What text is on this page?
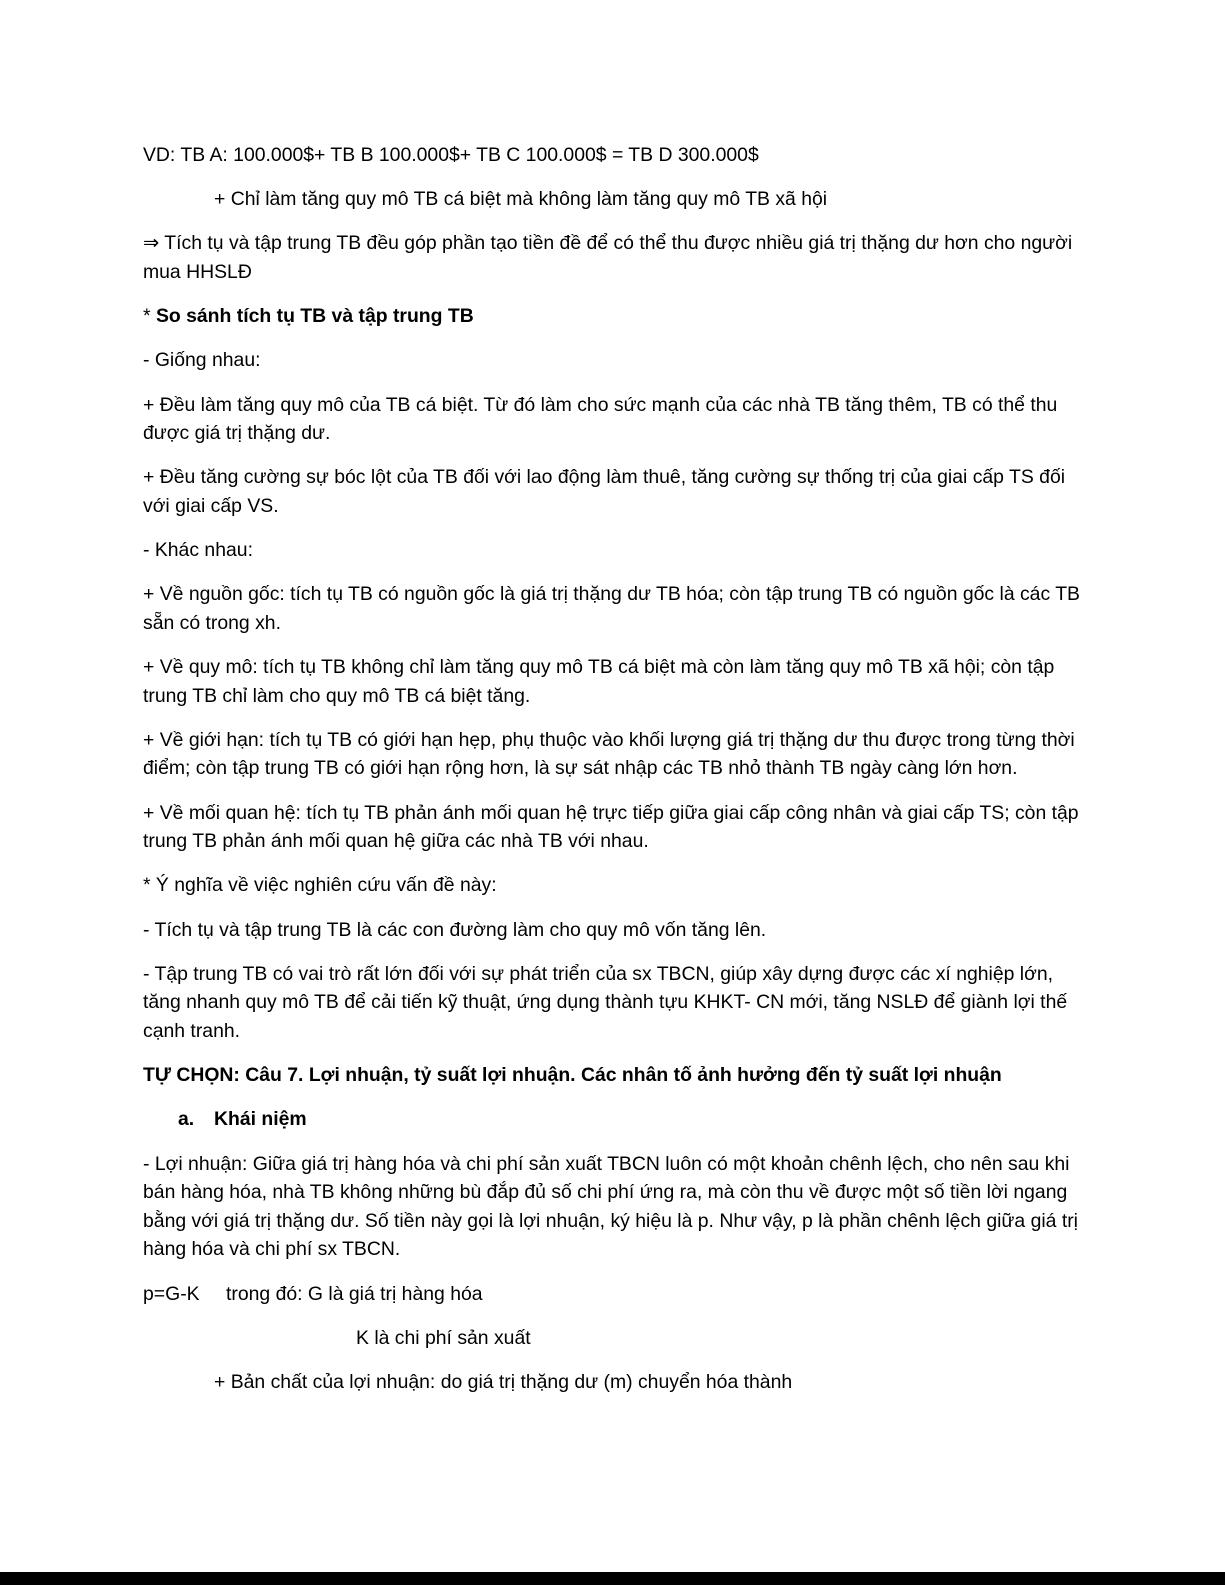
VD: TB A: 100.000$+ TB B 100.000$+ TB C 100.000$ = TB D 300.000$

+ Chỉ làm tăng quy mô TB cá biệt mà không làm tăng quy mô TB xã hội

⇒ Tích tụ và tập trung TB đều góp phần tạo tiền đề để có thể thu được nhiều giá trị thặng dư hơn cho người mua HHSLĐ

* So sánh tích tụ TB và tập trung TB

- Giống nhau:

+ Đều làm tăng quy mô của TB cá biệt. Từ đó làm cho sức mạnh của các nhà TB tăng thêm, TB có thể thu được giá trị thặng dư.

+ Đều tăng cường sự bóc lột của TB đối với lao động làm thuê, tăng cường sự thống trị của giai cấp TS đối với giai cấp VS.

- Khác nhau:

+ Về nguồn gốc: tích tụ TB có nguồn gốc là giá trị thặng dư TB hóa; còn tập trung TB có nguồn gốc là các TB sẵn có trong xh.

+ Về quy mô: tích tụ TB không chỉ làm tăng quy mô TB cá biệt mà còn làm tăng quy mô TB xã hội; còn tập trung TB chỉ làm cho quy mô TB cá biệt tăng.

+ Về giới hạn: tích tụ TB có giới hạn hẹp, phụ thuộc vào khối lượng giá trị thặng dư thu được trong từng thời điểm; còn tập trung TB có giới hạn rộng hơn, là sự sát nhập các TB nhỏ thành TB ngày càng lớn hơn.

+ Về mối quan hệ: tích tụ TB phản ánh mối quan hệ trực tiếp giữa giai cấp công nhân và giai cấp TS; còn tập trung TB phản ánh mối quan hệ giữa các nhà TB với nhau.

* Ý nghĩa về việc nghiên cứu vấn đề này:

- Tích tụ và tập trung TB là các con đường làm cho quy mô vốn tăng lên.

- Tập trung TB có vai trò rất lớn đối với sự phát triển của sx TBCN, giúp xây dựng được các xí nghiệp lớn, tăng nhanh quy mô TB để cải tiến kỹ thuật, ứng dụng thành tựu KHKT- CN mới, tăng NSLĐ để giành lợi thế cạnh tranh.

TỰ CHỌN: Câu 7. Lợi nhuận, tỷ suất lợi nhuận. Các nhân tố ảnh hưởng đến tỷ suất lợi nhuận

a. Khái niệm

- Lợi nhuận: Giữa giá trị hàng hóa và chi phí sản xuất TBCN luôn có một khoản chênh lệch, cho nên sau khi bán hàng hóa, nhà TB không những bù đắp đủ số chi phí ứng ra, mà còn thu về được một số tiền lời ngang bằng với giá trị thặng dư. Số tiền này gọi là lợi nhuận, ký hiệu là p. Như vậy, p là phần chênh lệch giữa giá trị hàng hóa và chi phí sx TBCN.

p=G-K	trong đó: G là giá trị hàng hóa

K là chi phí sản xuất

+ Bản chất của lợi nhuận: do giá trị thặng dư (m) chuyển hóa thành
